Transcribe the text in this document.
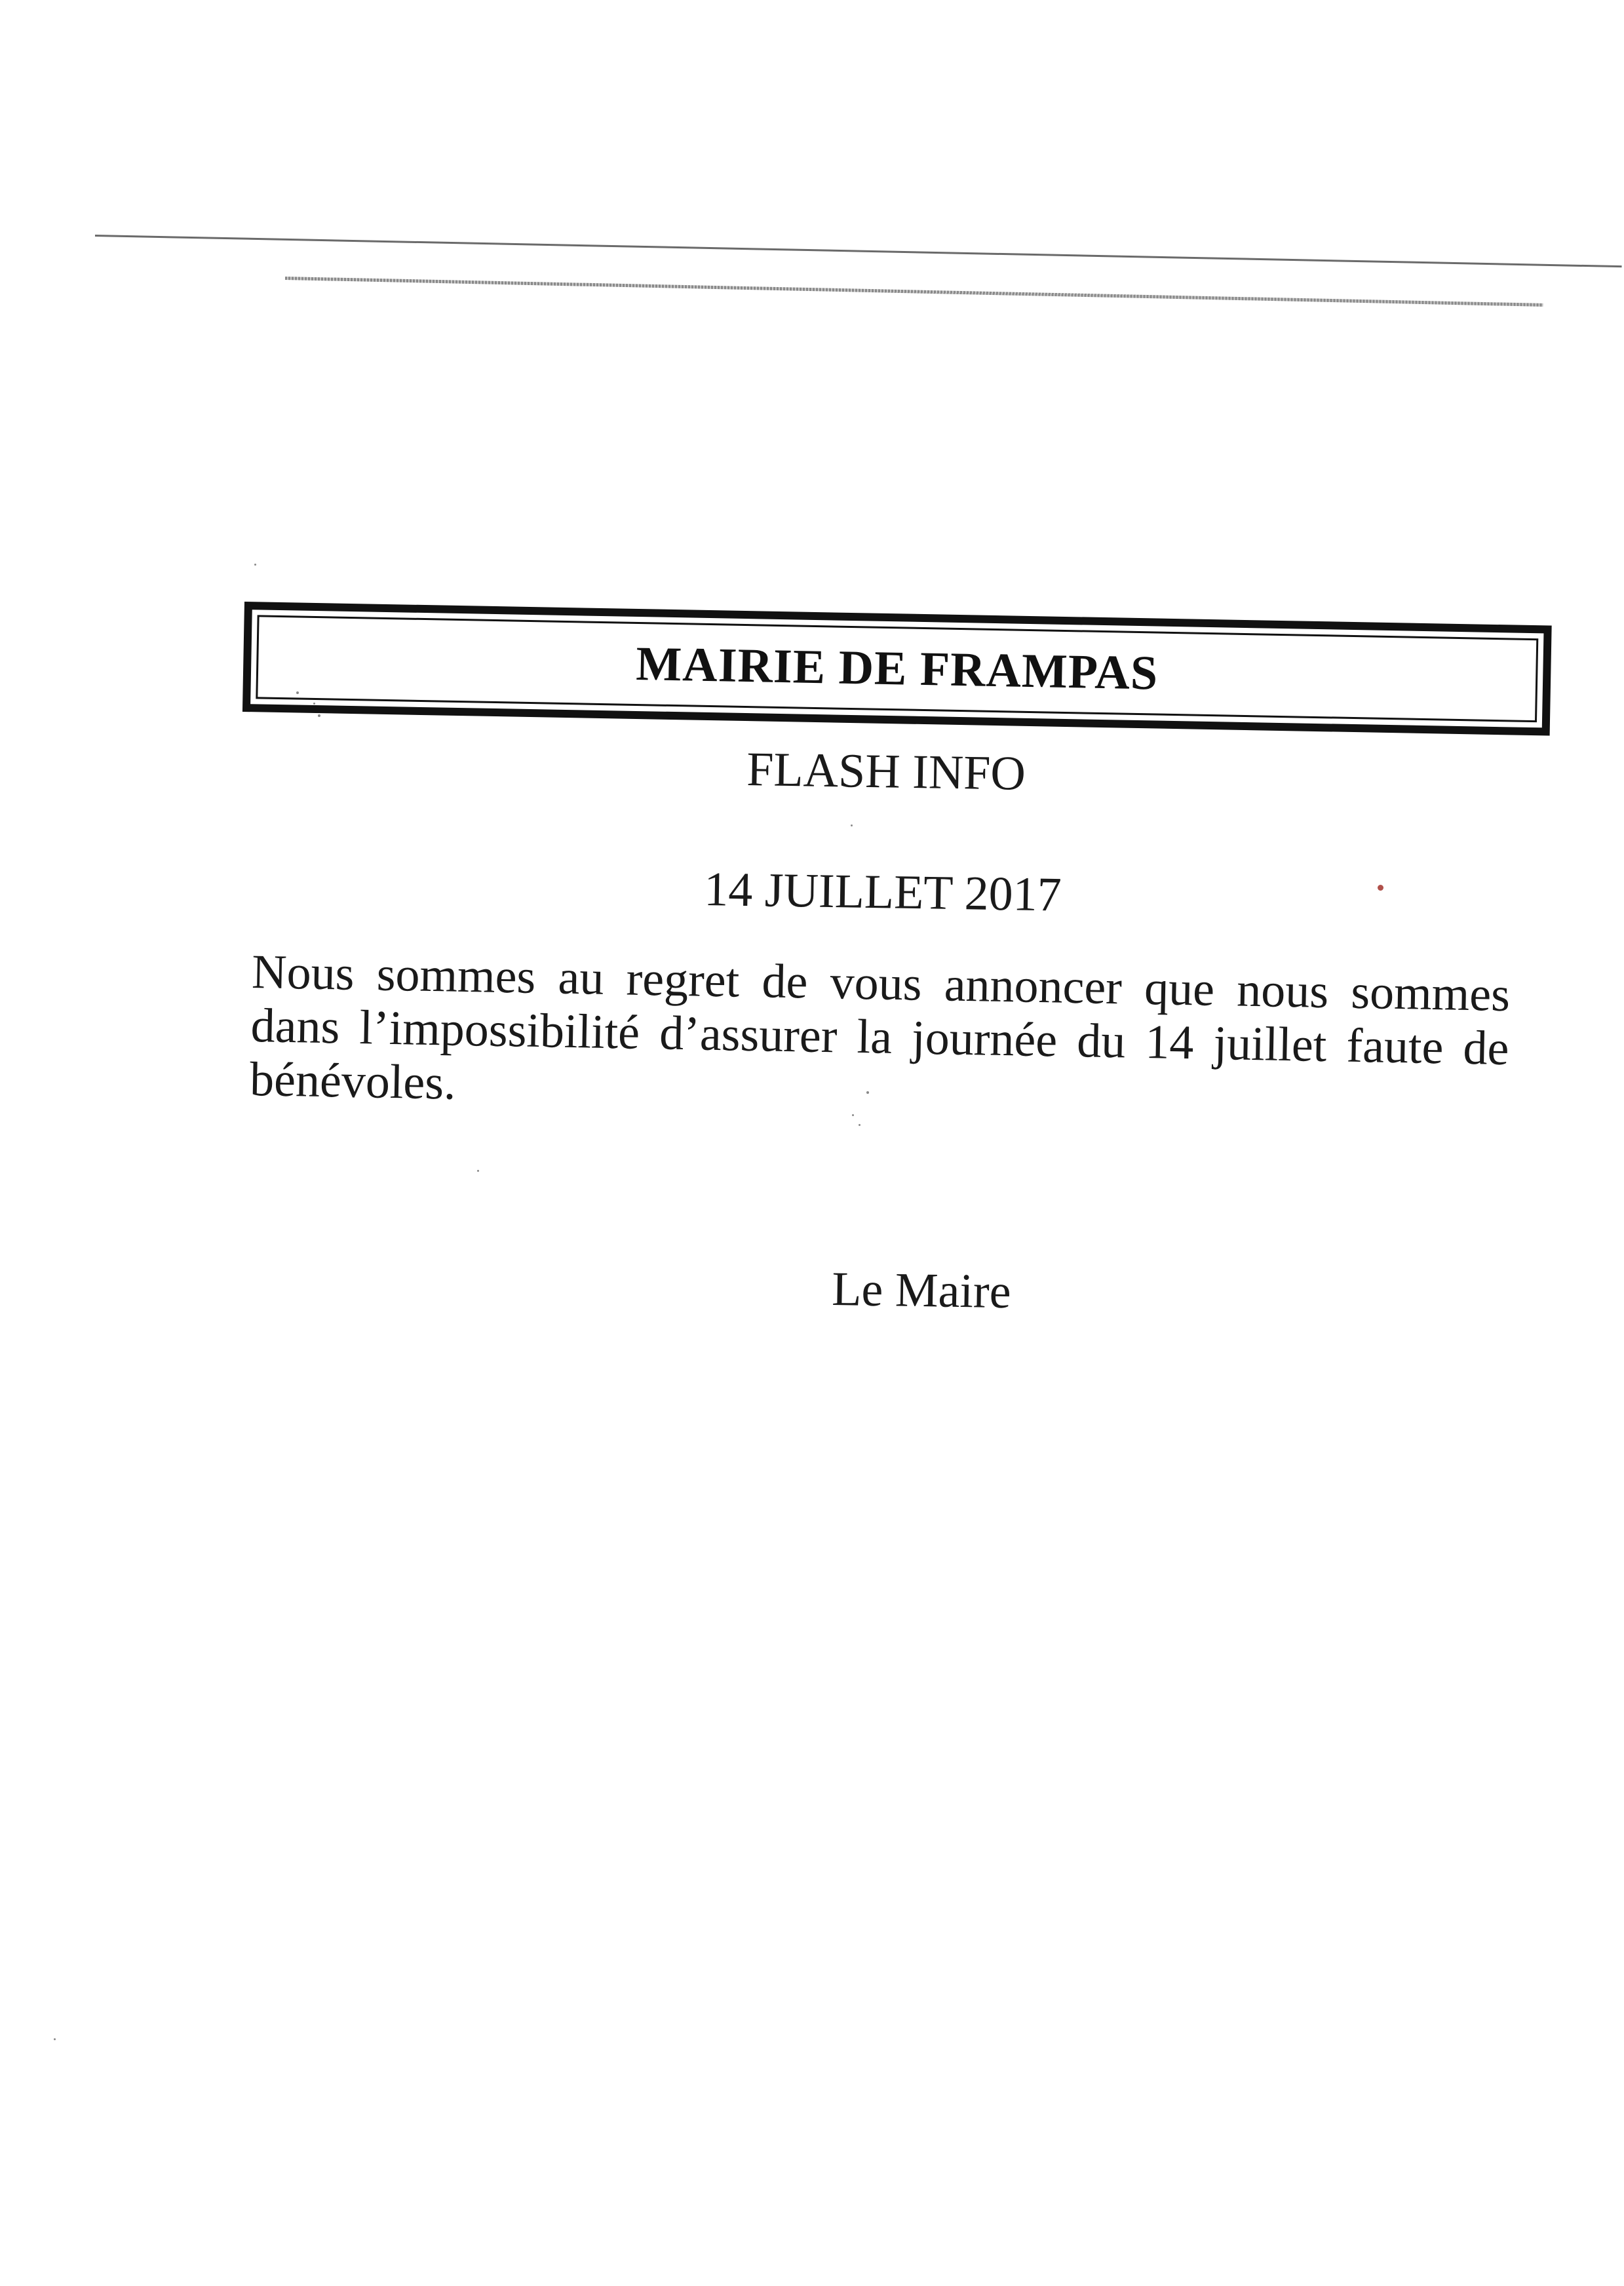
MAIRIE DE FRAMPAS
FLASH INFO
14 JUILLET 2017
Nous sommes au regret de vous annoncer que nous sommes dans l’impossibilité d’assurer la journée du 14 juillet faute de bénévoles.
Le Maire
